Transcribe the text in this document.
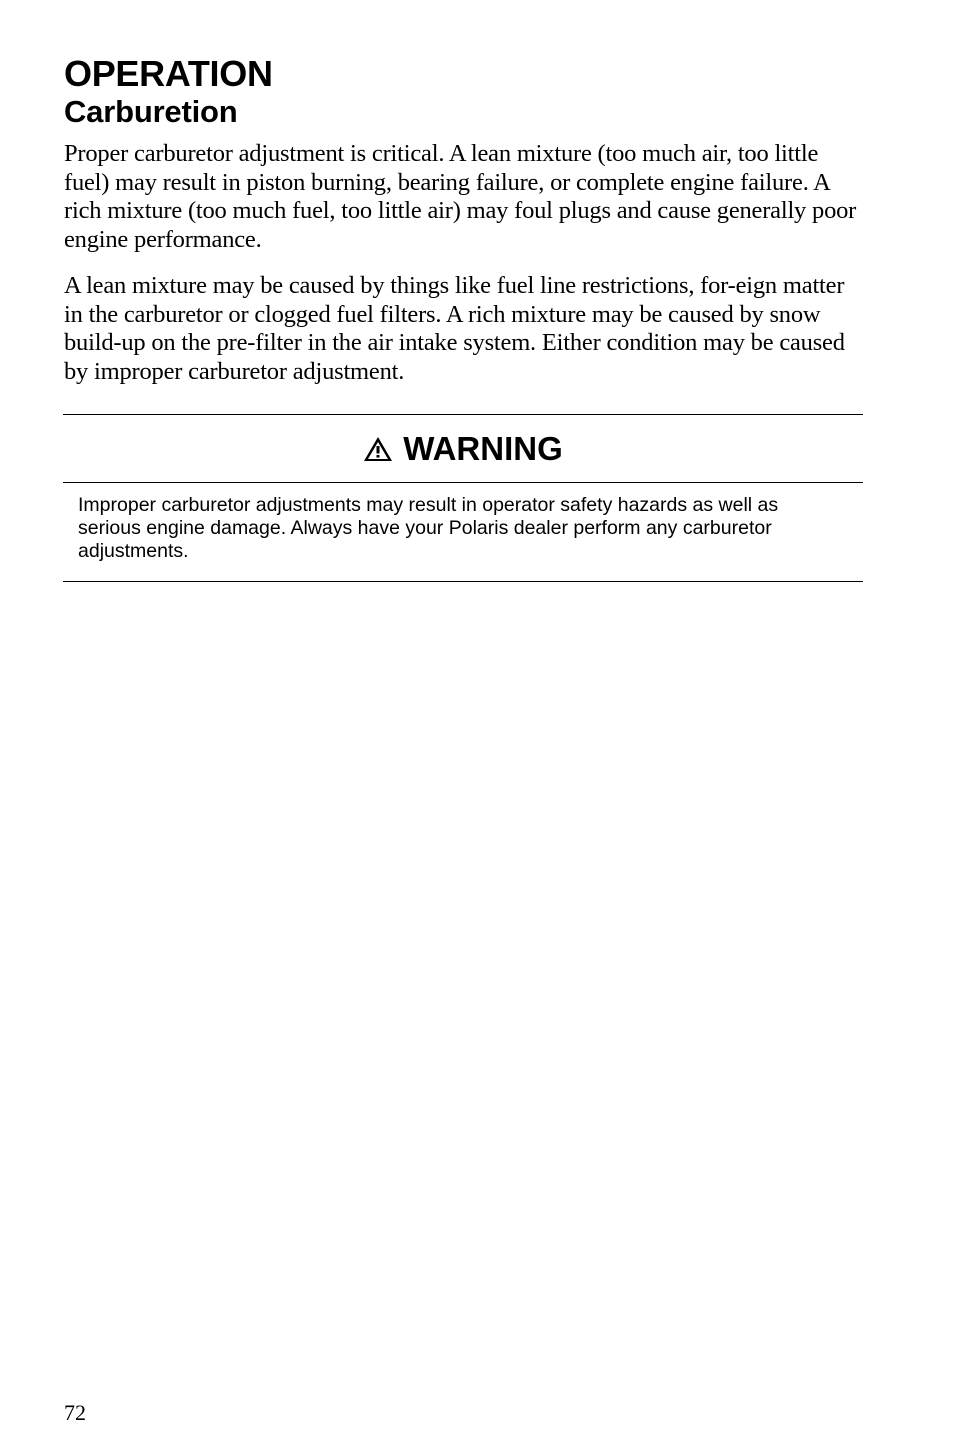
OPERATION
Carburetion

Proper carburetor adjustment is critical. A lean mixture (too much air, too little fuel) may result in piston burning, bearing failure, or complete engine failure. A rich mixture (too much fuel, too little air) may foul plugs and cause generally poor engine performance.

A lean mixture may be caused by things like fuel line restrictions, for-eign matter in the carburetor or clogged fuel filters. A rich mixture may be caused by snow build-up on the pre-filter in the air intake system. Either condition may be caused by improper carburetor adjustment.

WARNING

Improper carburetor adjustments may result in operator safety hazards as well as serious engine damage. Always have your Polaris dealer perform any carburetor adjustments.

72
